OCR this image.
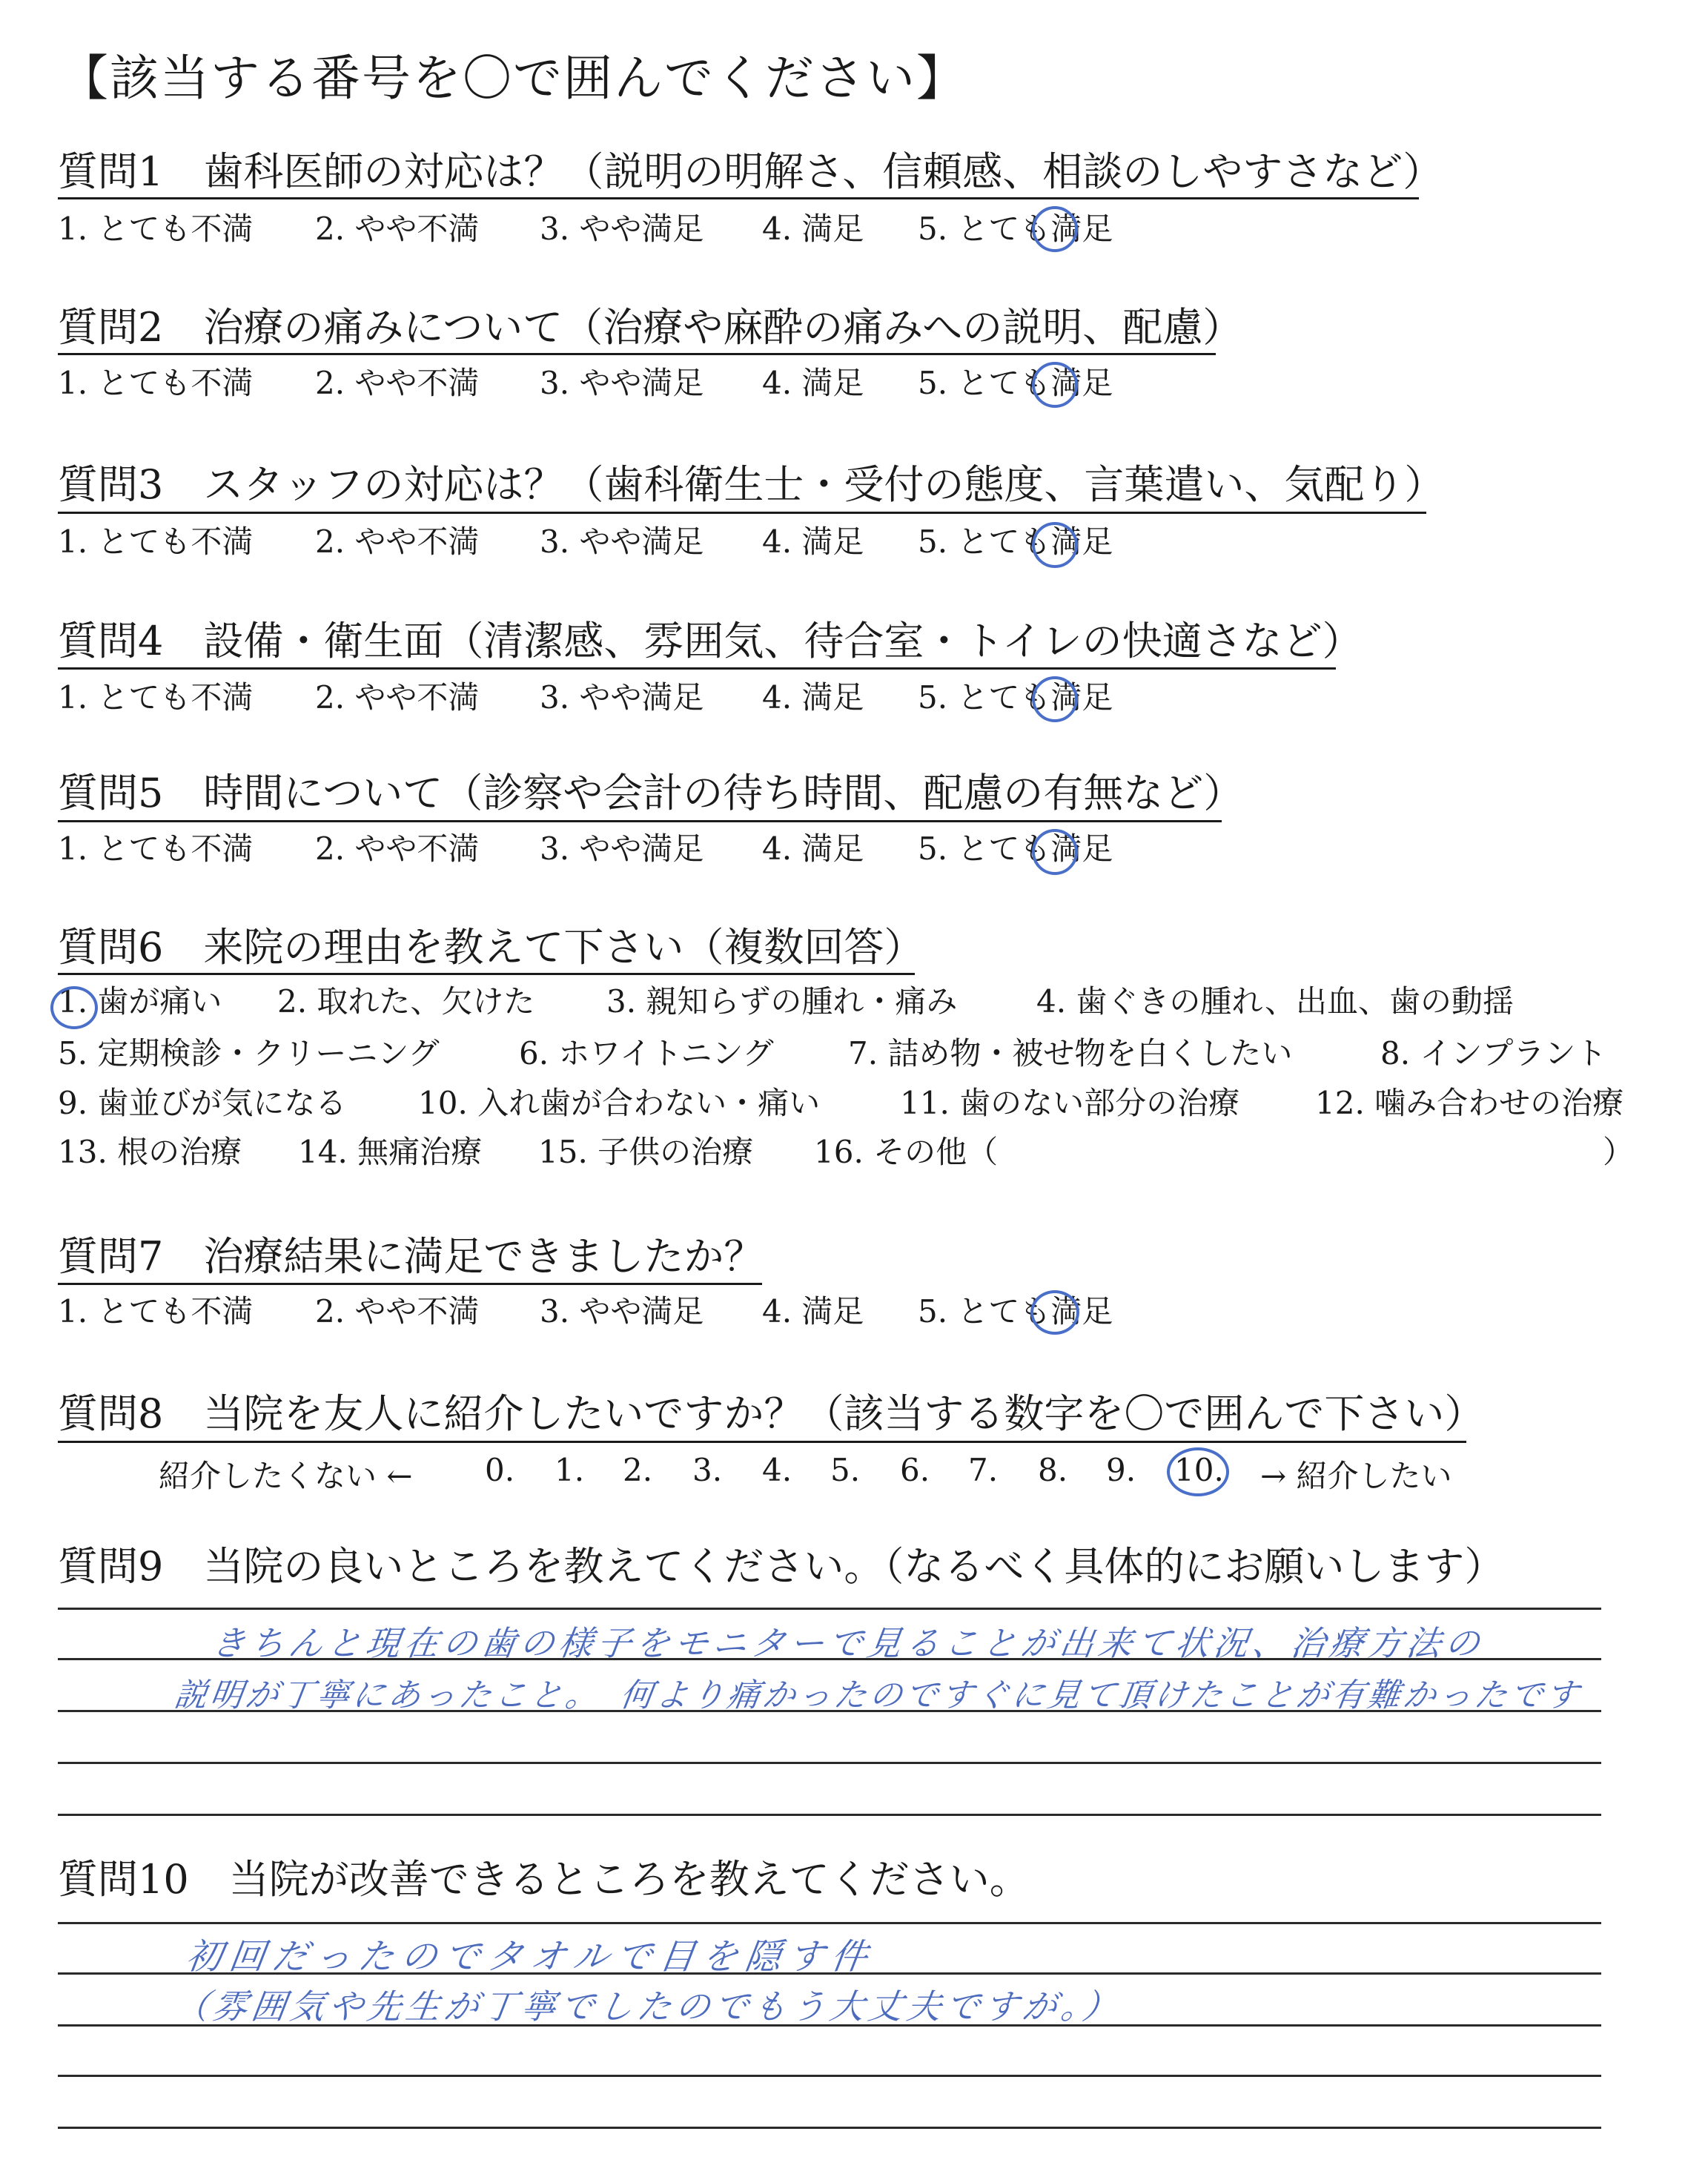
【該当する番号を〇で囲んでください】
質問1　歯科医師の対応は？（説明の明解さ、信頼感、相談のしやすさなど）
1. とても不満 2. やや不満 3. やや満足 4. 満足 5. とても満足
質問2　治療の痛みについて（治療や麻酔の痛みへの説明、配慮）
1. とても不満 2. やや不満 3. やや満足 4. 満足 5. とても満足
質問3　スタッフの対応は？（歯科衛生士・受付の態度、言葉遣い、気配り）
1. とても不満 2. やや不満 3. やや満足 4. 満足 5. とても満足
質問4　設備・衛生面（清潔感、雰囲気、待合室・トイレの快適さなど）
1. とても不満 2. やや不満 3. やや満足 4. 満足 5. とても満足
質問5　時間について（診察や会計の待ち時間、配慮の有無など）
1. とても不満 2. やや不満 3. やや満足 4. 満足 5. とても満足
質問6　来院の理由を教えて下さい（複数回答）
1. 歯が痛い 2. 取れた、欠けた 3. 親知らずの腫れ・痛み	4. 歯ぐきの腫れ、出血、歯の動揺
5. 定期検診・クリーニング	6. ホワイトニング 7. 詰め物・被せ物を白くしたい	8. インプラント
9. 歯並びが気になる 10. 入れ歯が合わない・痛い	11. 歯のない部分の治療 12. 噛み合わせの治療
13. 根の治療 14. 無痛治療 15. 子供の治療 16. その他（	）
質問7　治療結果に満足できましたか？
1. とても不満 2. やや不満 3. やや満足 4. 満足 5. とても満足
質問8　当院を友人に紹介したいですか？（該当する数字を〇で囲んで下さい）
紹介したくない ← 0. 1. 2. 3. 4. 5. 6. 7. 8. 9. 10. → 紹介したい
質問9　当院の良いところを教えてください。（なるべく具体的にお願いします）
きちんと現在の歯の様子をモニターで見ることが出来て状況、治療方法の
説明が丁寧にあったこと。　何より痛かったのですぐに見て頂けたことが有難かったです
質問10　当院が改善できるところを教えてください。
初回だったのでタオルで目を隠す件
（雰囲気や先生が丁寧でしたのでもう大丈夫ですが。）
